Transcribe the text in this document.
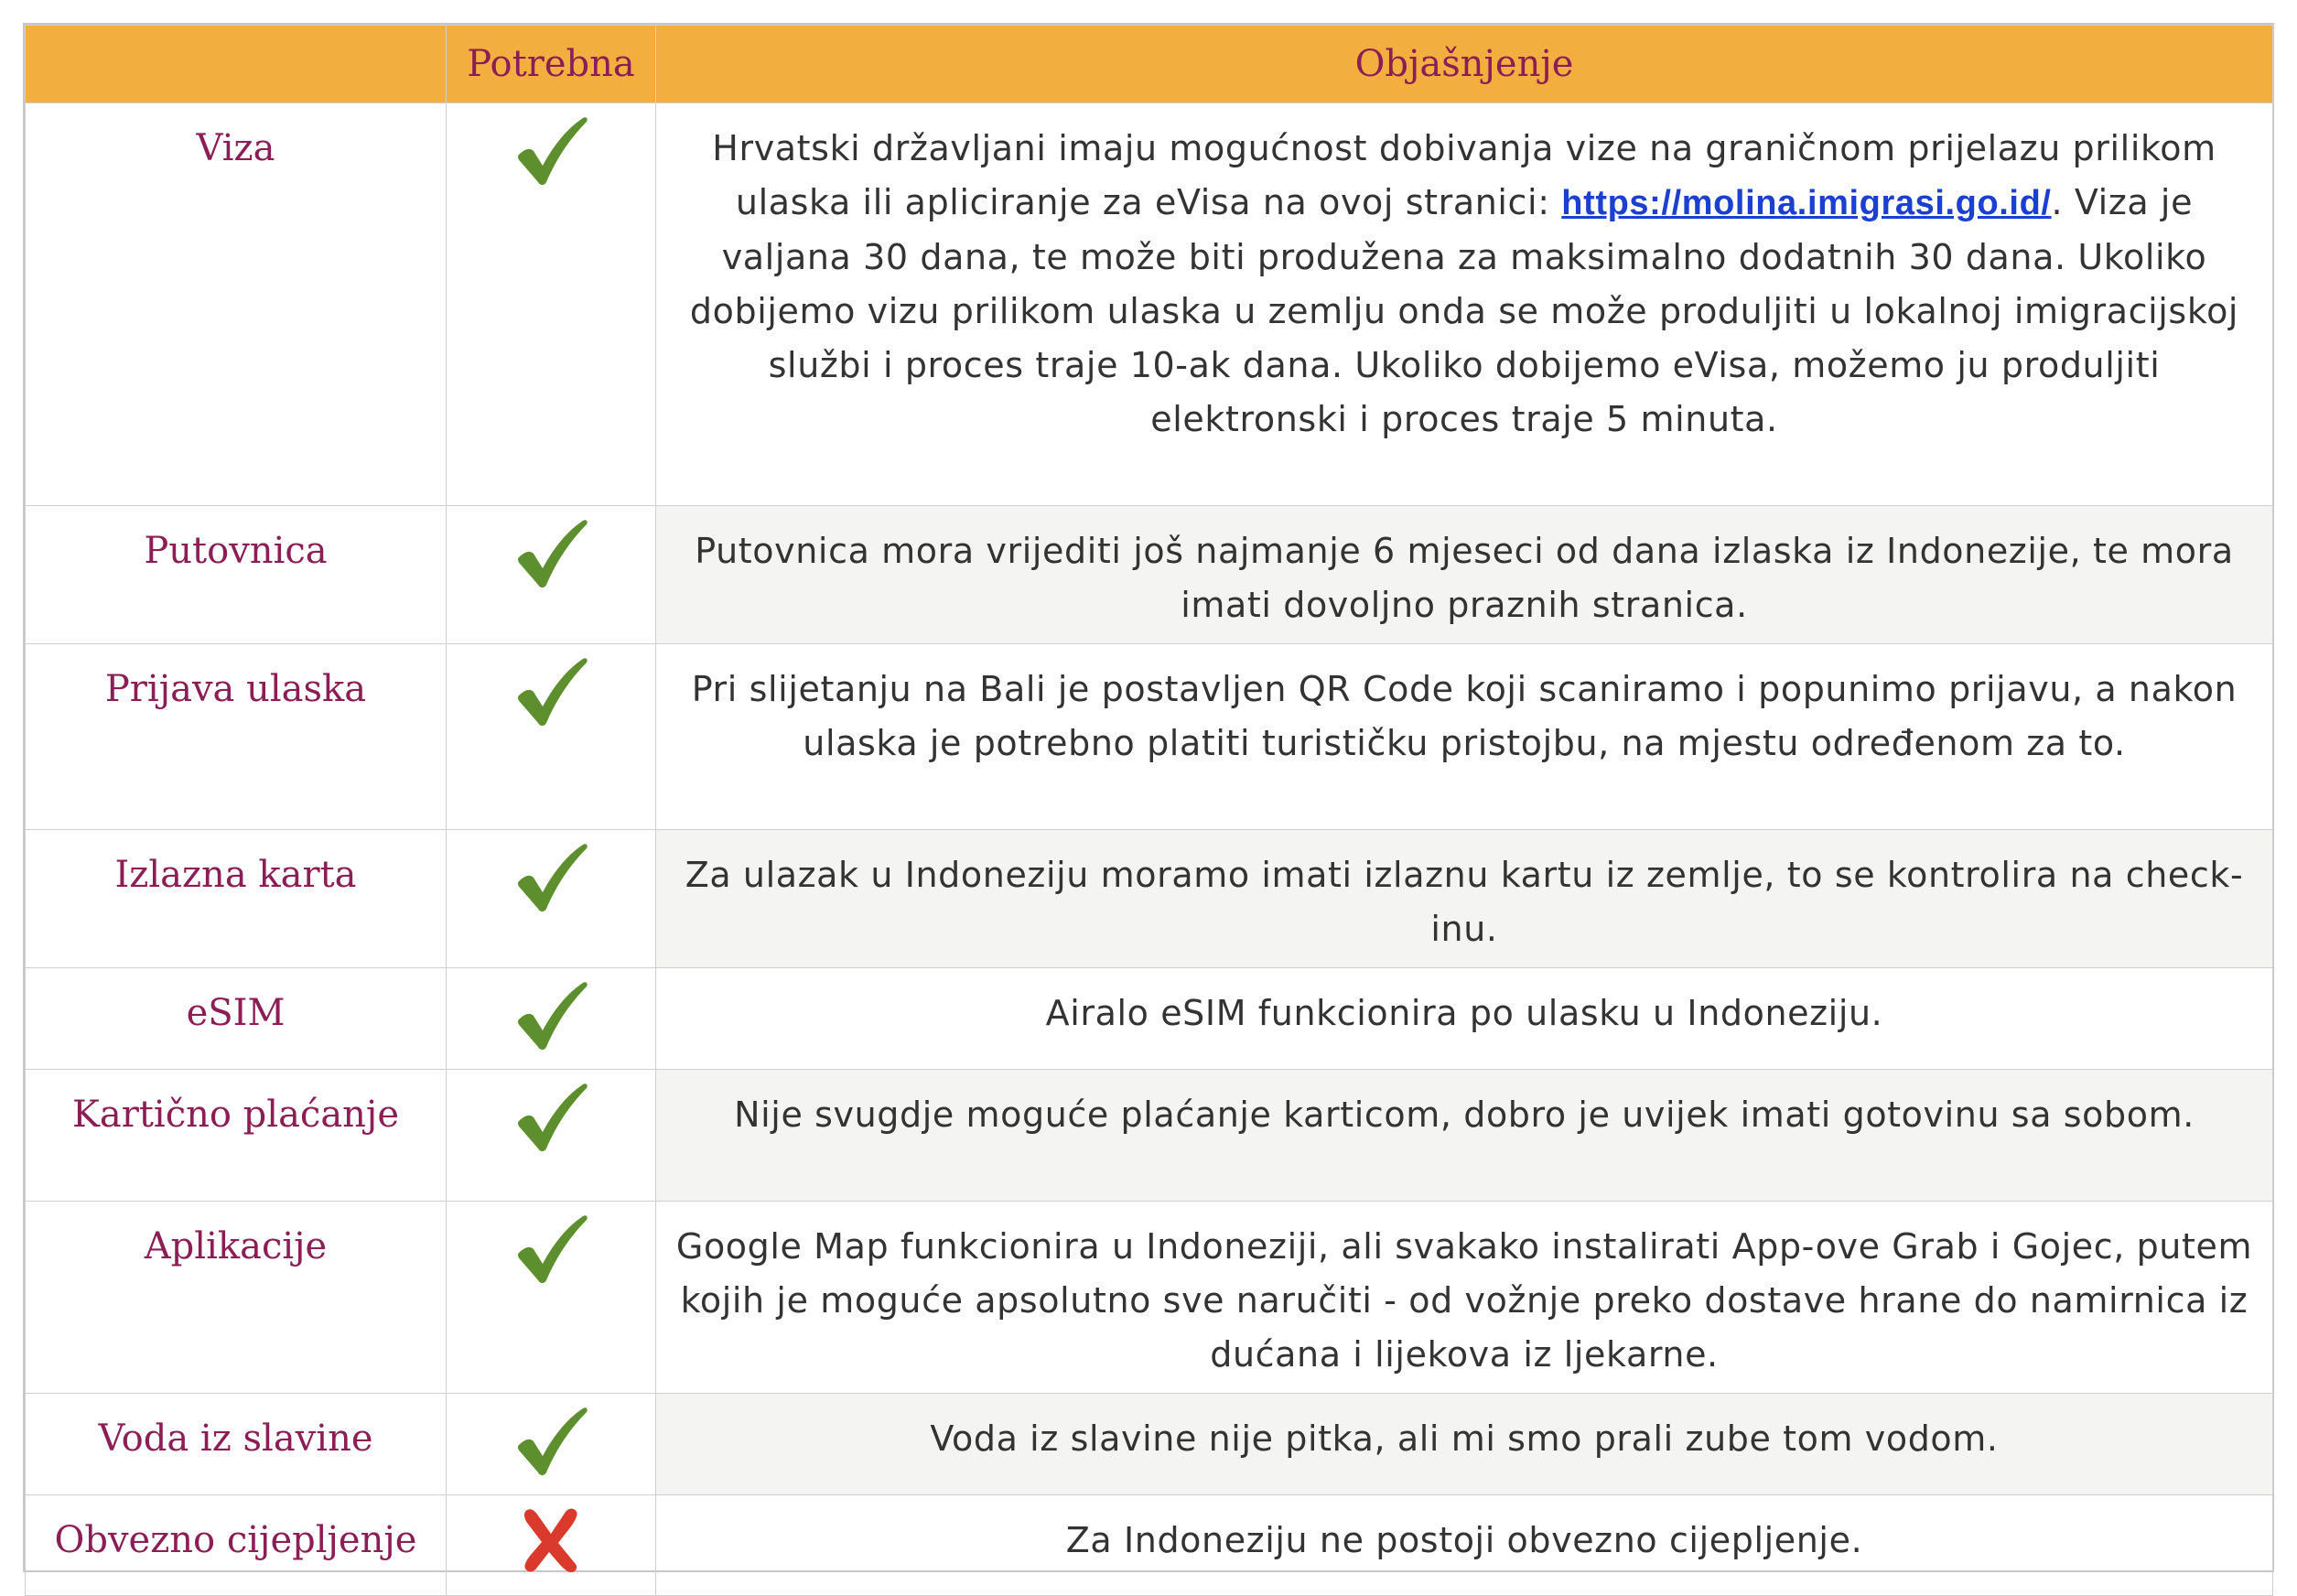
	Potrebna	Objašnjenje
Viza		Hrvatski državljani imaju mogućnost dobivanja vize na graničnom prijelazu prilikom ulaska ili apliciranje za eVisa na ovoj stranici: https://molina.imigrasi.go.id/. Viza je valjana 30 dana, te može biti produžena za maksimalno dodatnih 30 dana. Ukoliko dobijemo vizu prilikom ulaska u zemlju onda se može produljiti u lokalnoj imigracijskoj službi i proces traje 10-ak dana. Ukoliko dobijemo eVisa, možemo ju produljiti elektronski i proces traje 5 minuta.
Putovnica		Putovnica mora vrijediti još najmanje 6 mjeseci od dana izlaska iz Indonezije, te mora imati dovoljno praznih stranica.
Prijava ulaska		Pri slijetanju na Bali je postavljen QR Code koji scaniramo i popunimo prijavu, a nakon ulaska je potrebno platiti turističku pristojbu, na mjestu određenom za to.
Izlazna karta		Za ulazak u Indoneziju moramo imati izlaznu kartu iz zemlje, to se kontrolira na check-inu.
eSIM		Airalo eSIM funkcionira po ulasku u Indoneziju.
Kartično plaćanje		Nije svugdje moguće plaćanje karticom, dobro je uvijek imati gotovinu sa sobom.
Aplikacije		Google Map funkcionira u Indoneziji, ali svakako instalirati App-ove Grab i Gojec, putem kojih je moguće apsolutno sve naručiti - od vožnje preko dostave hrane do namirnica iz dućana i lijekova iz ljekarne.
Voda iz slavine		Voda iz slavine nije pitka, ali mi smo prali zube tom vodom.
Obvezno cijepljenje		Za Indoneziju ne postoji obvezno cijepljenje.
